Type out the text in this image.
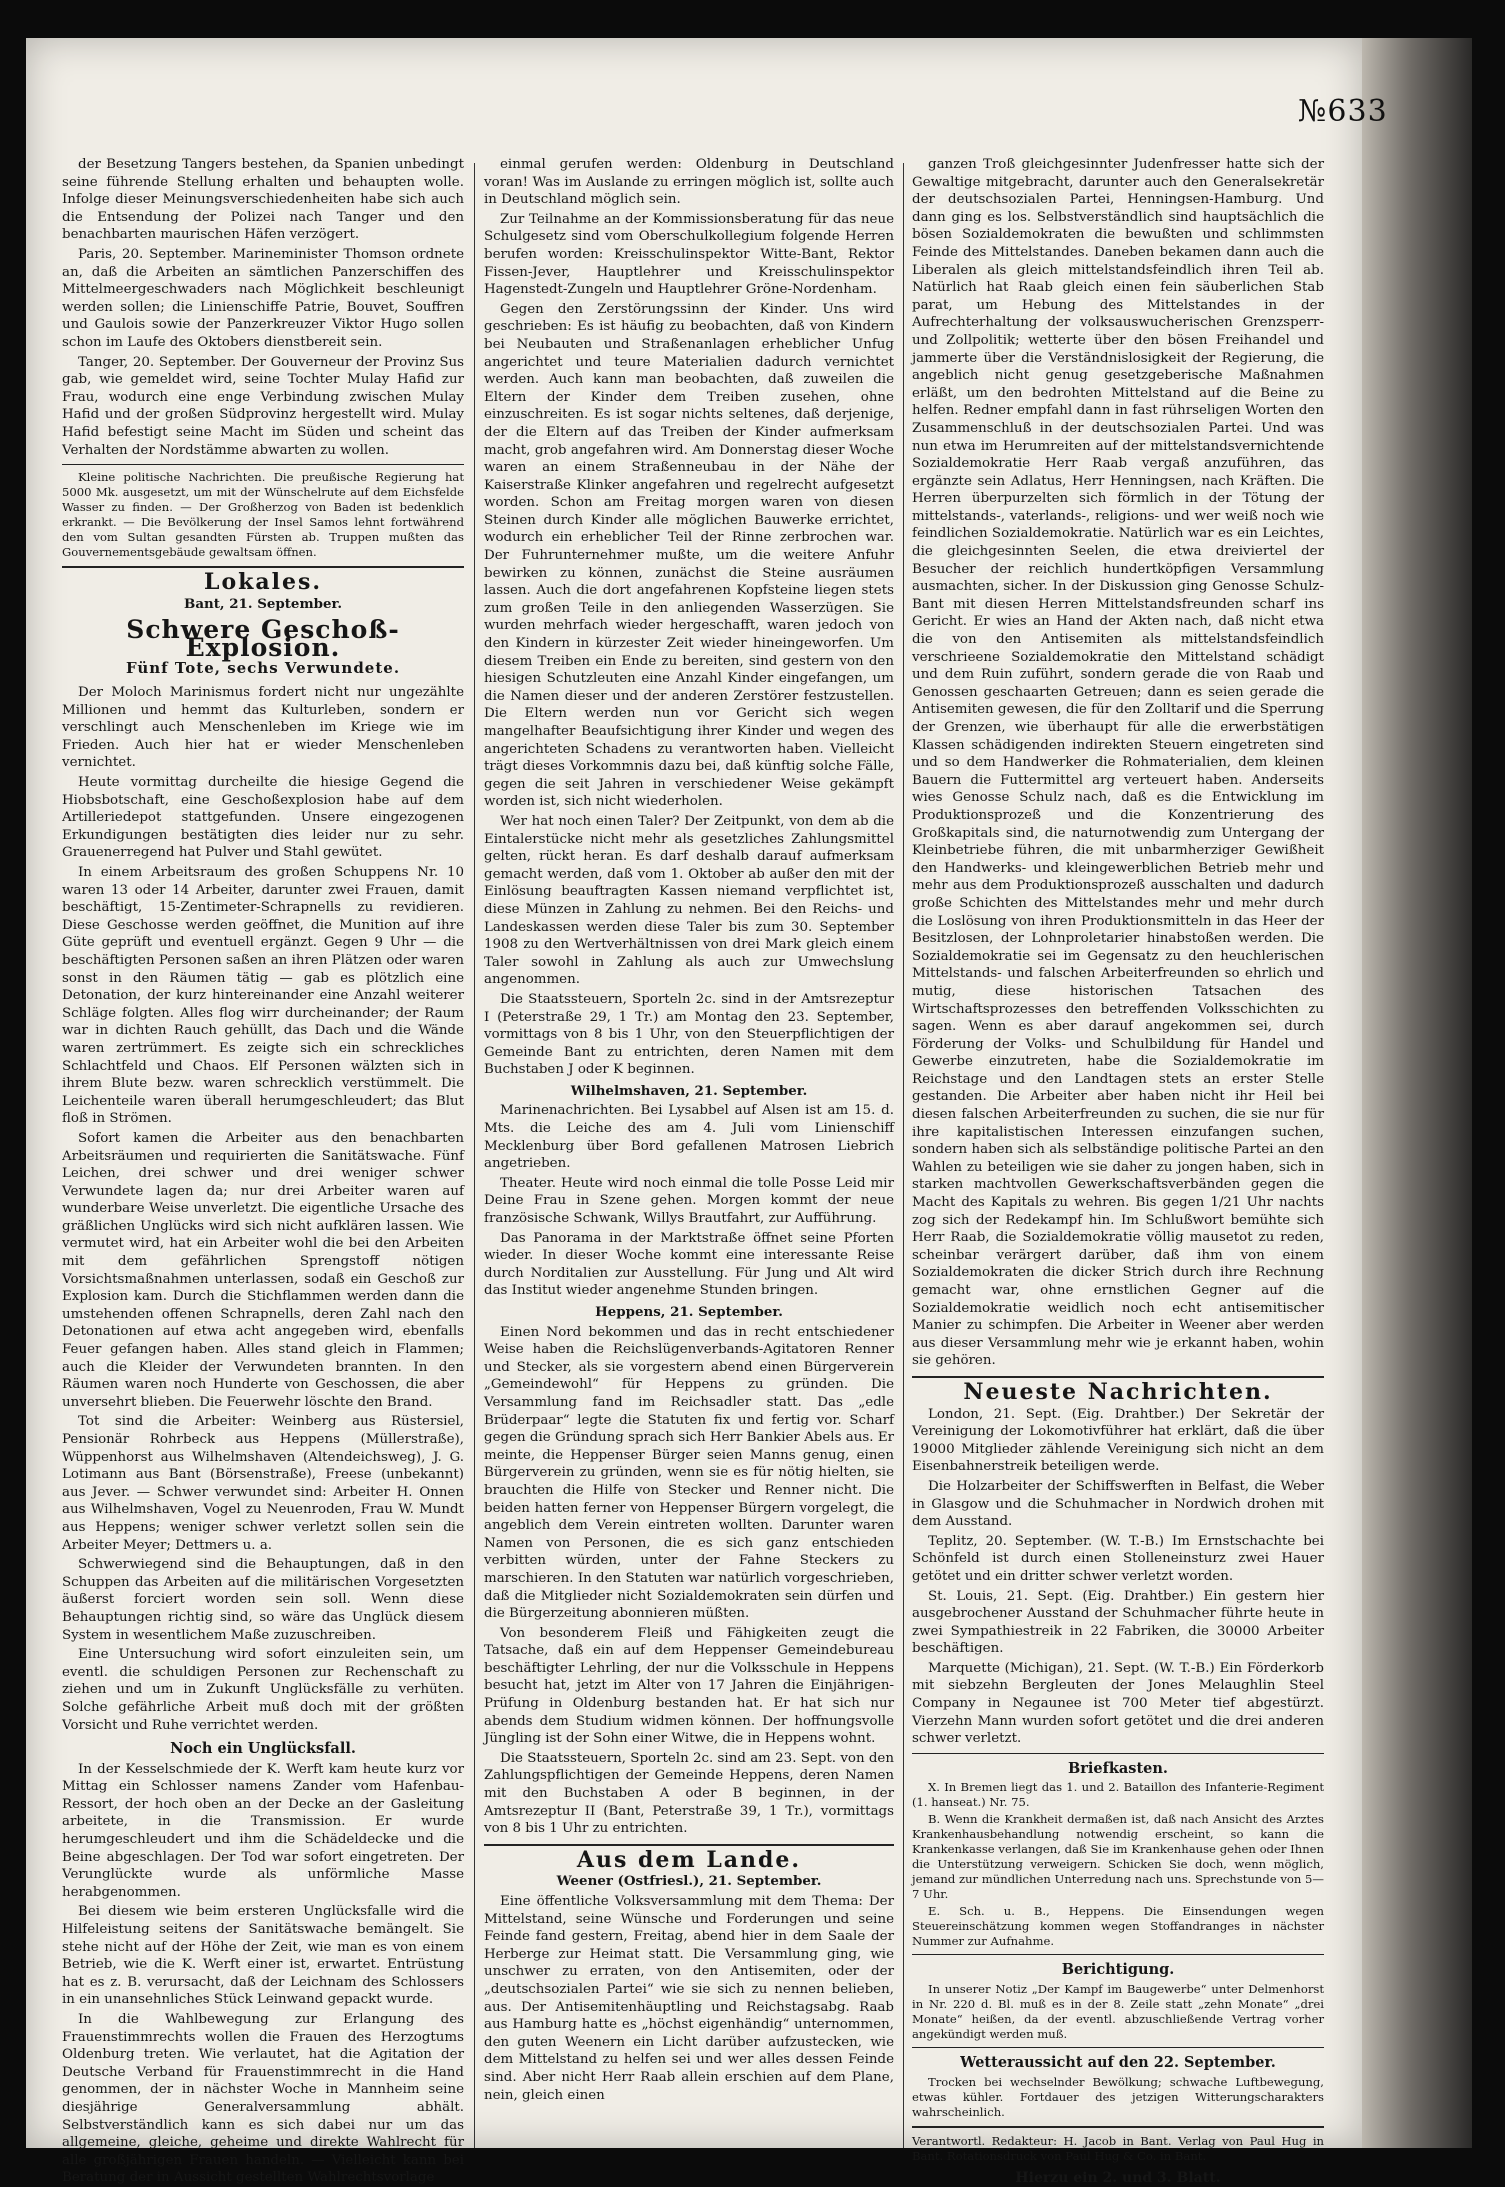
№633

der Besetzung Tangers bestehen, da Spanien unbedingt seine führende Stellung erhalten und behaupten wolle. Infolge dieser Meinungsverschiedenheiten habe sich auch die Entsendung der Polizei nach Tanger und den benachbarten maurischen Häfen verzögert.

Paris, 20. September. Marineminister Thomson ordnete an, daß die Arbeiten an sämtlichen Panzerschiffen des Mittelmeergeschwaders nach Möglichkeit beschleunigt werden sollen; die Linienschiffe Patrie, Bouvet, Souffren und Gaulois sowie der Panzerkreuzer Viktor Hugo sollen schon im Laufe des Oktobers dienstbereit sein.

Tanger, 20. September. Der Gouverneur der Provinz Sus gab, wie gemeldet wird, seine Tochter Mulay Hafid zur Frau, wodurch eine enge Verbindung zwischen Mulay Hafid und der großen Südprovinz hergestellt wird. Mulay Hafid befestigt seine Macht im Süden und scheint das Verhalten der Nordstämme abwarten zu wollen.

Kleine politische Nachrichten. Die preußische Regierung hat 5000 Mk. ausgesetzt, um mit der Wünschelrute auf dem Eichsfelde Wasser zu finden. — Der Großherzog von Baden ist bedenklich erkrankt. — Die Bevölkerung der Insel Samos lehnt fortwährend den vom Sultan gesandten Fürsten ab. Truppen mußten das Gouvernementsgebäude gewaltsam öffnen.

Lokales.
Bant, 21. September.
Schwere Geschoß-Explosion.
Fünf Tote, sechs Verwundete.

Der Moloch Marinismus fordert nicht nur ungezählte Millionen und hemmt das Kulturleben, sondern er verschlingt auch Menschenleben im Kriege wie im Frieden. Auch hier hat er wieder Menschenleben vernichtet.

Heute vormittag durcheilte die hiesige Gegend die Hiobsbotschaft, eine Geschoßexplosion habe auf dem Artilleriedepot stattgefunden. Unsere eingezogenen Erkundigungen bestätigten dies leider nur zu sehr. Grauenerregend hat Pulver und Stahl gewütet.

In einem Arbeitsraum des großen Schuppens Nr. 10 waren 13 oder 14 Arbeiter, darunter zwei Frauen, damit beschäftigt, 15-Zentimeter-Schrapnells zu revidieren. Diese Geschosse werden geöffnet, die Munition auf ihre Güte geprüft und eventuell ergänzt. Gegen 9 Uhr — die beschäftigten Personen saßen an ihren Plätzen oder waren sonst in den Räumen tätig — gab es plötzlich eine Detonation, der kurz hintereinander eine Anzahl weiterer Schläge folgten. Alles flog wirr durcheinander; der Raum war in dichten Rauch gehüllt, das Dach und die Wände waren zertrümmert. Es zeigte sich ein schreckliches Schlachtfeld und Chaos. Elf Personen wälzten sich in ihrem Blute bezw. waren schrecklich verstümmelt. Die Leichenteile waren überall herumgeschleudert; das Blut floß in Strömen.

Sofort kamen die Arbeiter aus den benachbarten Arbeitsräumen und requirierten die Sanitätswache. Fünf Leichen, drei schwer und drei weniger schwer Verwundete lagen da; nur drei Arbeiter waren auf wunderbare Weise unverletzt. Die eigentliche Ursache des gräßlichen Unglücks wird sich nicht aufklären lassen. Wie vermutet wird, hat ein Arbeiter wohl die bei den Arbeiten mit dem gefährlichen Sprengstoff nötigen Vorsichtsmaßnahmen unterlassen, sodaß ein Geschoß zur Explosion kam. Durch die Stichflammen werden dann die umstehenden offenen Schrapnells, deren Zahl nach den Detonationen auf etwa acht angegeben wird, ebenfalls Feuer gefangen haben. Alles stand gleich in Flammen; auch die Kleider der Verwundeten brannten. In den Räumen waren noch Hunderte von Geschossen, die aber unversehrt blieben. Die Feuerwehr löschte den Brand.

Tot sind die Arbeiter: Weinberg aus Rüstersiel, Pensionär Rohrbeck aus Heppens (Müllerstraße), Wüppenhorst aus Wilhelmshaven (Altendeichsweg), J. G. Lotimann aus Bant (Börsenstraße), Freese (unbekannt) aus Jever. — Schwer verwundet sind: Arbeiter H. Onnen aus Wilhelmshaven, Vogel zu Neuenroden, Frau W. Mundt aus Heppens; weniger schwer verletzt sollen sein die Arbeiter Meyer; Dettmers u. a.

Schwerwiegend sind die Behauptungen, daß in den Schuppen das Arbeiten auf die militärischen Vorgesetzten äußerst forciert worden sein soll. Wenn diese Behauptungen richtig sind, so wäre das Unglück diesem System in wesentlichem Maße zuzuschreiben.

Eine Untersuchung wird sofort einzuleiten sein, um eventl. die schuldigen Personen zur Rechenschaft zu ziehen und um in Zukunft Unglücksfälle zu verhüten. Solche gefährliche Arbeit muß doch mit der größten Vorsicht und Ruhe verrichtet werden.

Noch ein Unglücksfall.

In der Kesselschmiede der K. Werft kam heute kurz vor Mittag ein Schlosser namens Zander vom Hafenbau-Ressort, der hoch oben an der Decke an der Gasleitung arbeitete, in die Transmission. Er wurde herumgeschleudert und ihm die Schädeldecke und die Beine abgeschlagen. Der Tod war sofort eingetreten. Der Verunglückte wurde als unförmliche Masse herabgenommen.

Bei diesem wie beim ersteren Unglücksfalle wird die Hilfeleistung seitens der Sanitätswache bemängelt. Sie stehe nicht auf der Höhe der Zeit, wie man es von einem Betrieb, wie die K. Werft einer ist, erwartet. Entrüstung hat es z. B. verursacht, daß der Leichnam des Schlossers in ein unansehnliches Stück Leinwand gepackt wurde.

In die Wahlbewegung zur Erlangung des Frauenstimmrechts wollen die Frauen des Herzogtums Oldenburg treten. Wie verlautet, hat die Agitation der Deutsche Verband für Frauenstimmrecht in die Hand genommen, der in nächster Woche in Mannheim seine diesjährige Generalversammlung abhält. Selbstverständlich kann es sich dabei nur um das allgemeine, gleiche, geheime und direkte Wahlrecht für alle großjährigen Frauen handeln. — Vielleicht kann bei Beratung der in Aussicht gestellten Wahlrechtsvorlage

einmal gerufen werden: Oldenburg in Deutschland voran! Was im Auslande zu erringen möglich ist, sollte auch in Deutschland möglich sein.

Zur Teilnahme an der Kommissionsberatung für das neue Schulgesetz sind vom Oberschulkollegium folgende Herren berufen worden: Kreisschulinspektor Witte-Bant, Rektor Fissen-Jever, Hauptlehrer und Kreisschulinspektor Hagenstedt-Zungeln und Hauptlehrer Gröne-Nordenham.

Gegen den Zerstörungssinn der Kinder. Uns wird geschrieben: Es ist häufig zu beobachten, daß von Kindern bei Neubauten und Straßenanlagen erheblicher Unfug angerichtet und teure Materialien dadurch vernichtet werden. Auch kann man beobachten, daß zuweilen die Eltern der Kinder dem Treiben zusehen, ohne einzuschreiten. Es ist sogar nichts seltenes, daß derjenige, der die Eltern auf das Treiben der Kinder aufmerksam macht, grob angefahren wird. Am Donnerstag dieser Woche waren an einem Straßenneubau in der Nähe der Kaiserstraße Klinker angefahren und regelrecht aufgesetzt worden. Schon am Freitag morgen waren von diesen Steinen durch Kinder alle möglichen Bauwerke errichtet, wodurch ein erheblicher Teil der Rinne zerbrochen war. Der Fuhrunternehmer mußte, um die weitere Anfuhr bewirken zu können, zunächst die Steine ausräumen lassen. Auch die dort angefahrenen Kopfsteine liegen stets zum großen Teile in den anliegenden Wasserzügen. Sie wurden mehrfach wieder hergeschafft, waren jedoch von den Kindern in kürzester Zeit wieder hineingeworfen. Um diesem Treiben ein Ende zu bereiten, sind gestern von den hiesigen Schutzleuten eine Anzahl Kinder eingefangen, um die Namen dieser und der anderen Zerstörer festzustellen. Die Eltern werden nun vor Gericht sich wegen mangelhafter Beaufsichtigung ihrer Kinder und wegen des angerichteten Schadens zu verantworten haben. Vielleicht trägt dieses Vorkommnis dazu bei, daß künftig solche Fälle, gegen die seit Jahren in verschiedener Weise gekämpft worden ist, sich nicht wiederholen.

Wer hat noch einen Taler? Der Zeitpunkt, von dem ab die Eintalerstücke nicht mehr als gesetzliches Zahlungsmittel gelten, rückt heran. Es darf deshalb darauf aufmerksam gemacht werden, daß vom 1. Oktober ab außer den mit der Einlösung beauftragten Kassen niemand verpflichtet ist, diese Münzen in Zahlung zu nehmen. Bei den Reichs- und Landeskassen werden diese Taler bis zum 30. September 1908 zu den Wertverhältnissen von drei Mark gleich einem Taler sowohl in Zahlung als auch zur Umwechslung angenommen.

Die Staatssteuern, Sporteln 2c. sind in der Amtsrezeptur I (Peterstraße 29, 1 Tr.) am Montag den 23. September, vormittags von 8 bis 1 Uhr, von den Steuerpflichtigen der Gemeinde Bant zu entrichten, deren Namen mit dem Buchstaben J oder K beginnen.

Wilhelmshaven, 21. September.

Marinenachrichten. Bei Lysabbel auf Alsen ist am 15. d. Mts. die Leiche des am 4. Juli vom Linienschiff Mecklenburg über Bord gefallenen Matrosen Liebrich angetrieben.

Theater. Heute wird noch einmal die tolle Posse Leid mir Deine Frau in Szene gehen. Morgen kommt der neue französische Schwank, Willys Brautfahrt, zur Aufführung.

Das Panorama in der Marktstraße öffnet seine Pforten wieder. In dieser Woche kommt eine interessante Reise durch Norditalien zur Ausstellung. Für Jung und Alt wird das Institut wieder angenehme Stunden bringen.

Heppens, 21. September.

Einen Nord bekommen und das in recht entschiedener Weise haben die Reichslügenverbands-Agitatoren Renner und Stecker, als sie vorgestern abend einen Bürgerverein „Gemeindewohl“ für Heppens zu gründen. Die Versammlung fand im Reichsadler statt. Das „edle Brüderpaar“ legte die Statuten fix und fertig vor. Scharf gegen die Gründung sprach sich Herr Bankier Abels aus. Er meinte, die Heppenser Bürger seien Manns genug, einen Bürgerverein zu gründen, wenn sie es für nötig hielten, sie brauchten die Hilfe von Stecker und Renner nicht. Die beiden hatten ferner von Heppenser Bürgern vorgelegt, die angeblich dem Verein eintreten wollten. Darunter waren Namen von Personen, die es sich ganz entschieden verbitten würden, unter der Fahne Steckers zu marschieren. In den Statuten war natürlich vorgeschrieben, daß die Mitglieder nicht Sozialdemokraten sein dürfen und die Bürgerzeitung abonnieren müßten.

Von besonderem Fleiß und Fähigkeiten zeugt die Tatsache, daß ein auf dem Heppenser Gemeindebureau beschäftigter Lehrling, der nur die Volksschule in Heppens besucht hat, jetzt im Alter von 17 Jahren die Einjährigen-Prüfung in Oldenburg bestanden hat. Er hat sich nur abends dem Studium widmen können. Der hoffnungsvolle Jüngling ist der Sohn einer Witwe, die in Heppens wohnt.

Die Staatssteuern, Sporteln 2c. sind am 23. Sept. von den Zahlungspflichtigen der Gemeinde Heppens, deren Namen mit den Buchstaben A oder B beginnen, in der Amtsrezeptur II (Bant, Peterstraße 39, 1 Tr.), vormittags von 8 bis 1 Uhr zu entrichten.

Aus dem Lande.
Weener (Ostfriesl.), 21. September.

Eine öffentliche Volksversammlung mit dem Thema: Der Mittelstand, seine Wünsche und Forderungen und seine Feinde fand gestern, Freitag, abend hier in dem Saale der Herberge zur Heimat statt. Die Versammlung ging, wie unschwer zu erraten, von den Antisemiten, oder der „deutschsozialen Partei“ wie sie sich zu nennen belieben, aus. Der Antisemitenhäuptling und Reichstagsabg. Raab aus Hamburg hatte es „höchst eigenhändig“ unternommen, den guten Weenern ein Licht darüber aufzustecken, wie dem Mittelstand zu helfen sei und wer alles dessen Feinde sind. Aber nicht Herr Raab allein erschien auf dem Plane, nein, gleich einen

ganzen Troß gleichgesinnter Judenfresser hatte sich der Gewaltige mitgebracht, darunter auch den Generalsekretär der deutschsozialen Partei, Henningsen-Hamburg. Und dann ging es los. Selbstverständlich sind hauptsächlich die bösen Sozialdemokraten die bewußten und schlimmsten Feinde des Mittelstandes. Daneben bekamen dann auch die Liberalen als gleich mittelstandsfeindlich ihren Teil ab. Natürlich hat Raab gleich einen fein säuberlichen Stab parat, um Hebung des Mittelstandes in der Aufrechterhaltung der volksauswucherischen Grenzsperr- und Zollpolitik; wetterte über den bösen Freihandel und jammerte über die Verständnislosigkeit der Regierung, die angeblich nicht genug gesetzgeberische Maßnahmen erläßt, um den bedrohten Mittelstand auf die Beine zu helfen. Redner empfahl dann in fast rührseligen Worten den Zusammenschluß in der deutschsozialen Partei. Und was nun etwa im Herumreiten auf der mittelstandsvernichtende Sozialdemokratie Herr Raab vergaß anzuführen, das ergänzte sein Adlatus, Herr Henningsen, nach Kräften. Die Herren überpurzelten sich förmlich in der Tötung der mittelstands-, vaterlands-, religions- und wer weiß noch wie feindlichen Sozialdemokratie. Natürlich war es ein Leichtes, die gleichgesinnten Seelen, die etwa dreiviertel der Besucher der reichlich hundertköpfigen Versammlung ausmachten, sicher. In der Diskussion ging Genosse Schulz-Bant mit diesen Herren Mittelstandsfreunden scharf ins Gericht. Er wies an Hand der Akten nach, daß nicht etwa die von den Antisemiten als mittelstandsfeindlich verschrieene Sozialdemokratie den Mittelstand schädigt und dem Ruin zuführt, sondern gerade die von Raab und Genossen geschaarten Getreuen; dann es seien gerade die Antisemiten gewesen, die für den Zolltarif und die Sperrung der Grenzen, wie überhaupt für alle die erwerbstätigen Klassen schädigenden indirekten Steuern eingetreten sind und so dem Handwerker die Rohmaterialien, dem kleinen Bauern die Futtermittel arg verteuert haben. Anderseits wies Genosse Schulz nach, daß es die Entwicklung im Produktionsprozeß und die Konzentrierung des Großkapitals sind, die naturnotwendig zum Untergang der Kleinbetriebe führen, die mit unbarmherziger Gewißheit den Handwerks- und kleingewerblichen Betrieb mehr und mehr aus dem Produktionsprozeß ausschalten und dadurch große Schichten des Mittelstandes mehr und mehr durch die Loslösung von ihren Produktionsmitteln in das Heer der Besitzlosen, der Lohnproletarier hinabstoßen werden. Die Sozialdemokratie sei im Gegensatz zu den heuchlerischen Mittelstands- und falschen Arbeiterfreunden so ehrlich und mutig, diese historischen Tatsachen des Wirtschaftsprozesses den betreffenden Volksschichten zu sagen. Wenn es aber darauf angekommen sei, durch Förderung der Volks- und Schulbildung für Handel und Gewerbe einzutreten, habe die Sozialdemokratie im Reichstage und den Landtagen stets an erster Stelle gestanden. Die Arbeiter aber haben nicht ihr Heil bei diesen falschen Arbeiterfreunden zu suchen, die sie nur für ihre kapitalistischen Interessen einzufangen suchen, sondern haben sich als selbständige politische Partei an den Wahlen zu beteiligen wie sie daher zu jongen haben, sich in starken machtvollen Gewerkschaftsverbänden gegen die Macht des Kapitals zu wehren. Bis gegen 1/21 Uhr nachts zog sich der Redekampf hin. Im Schlußwort bemühte sich Herr Raab, die Sozialdemokratie völlig mausetot zu reden, scheinbar verärgert darüber, daß ihm von einem Sozialdemokraten die dicker Strich durch ihre Rechnung gemacht war, ohne ernstlichen Gegner auf die Sozialdemokratie weidlich noch echt antisemitischer Manier zu schimpfen. Die Arbeiter in Weener aber werden aus dieser Versammlung mehr wie je erkannt haben, wohin sie gehören.

Neueste Nachrichten.

London, 21. Sept. (Eig. Drahtber.) Der Sekretär der Vereinigung der Lokomotivführer hat erklärt, daß die über 19000 Mitglieder zählende Vereinigung sich nicht an dem Eisenbahnerstreik beteiligen werde.

Die Holzarbeiter der Schiffswerften in Belfast, die Weber in Glasgow und die Schuhmacher in Nordwich drohen mit dem Ausstand.

Teplitz, 20. September. (W. T.-B.) Im Ernstschachte bei Schönfeld ist durch einen Stolleneinsturz zwei Hauer getötet und ein dritter schwer verletzt worden.

St. Louis, 21. Sept. (Eig. Drahtber.) Ein gestern hier ausgebrochener Ausstand der Schuhmacher führte heute in zwei Sympathiestreik in 22 Fabriken, die 30000 Arbeiter beschäftigen.

Marquette (Michigan), 21. Sept. (W. T.-B.) Ein Förderkorb mit siebzehn Bergleuten der Jones Melaughlin Steel Company in Negaunee ist 700 Meter tief abgestürzt. Vierzehn Mann wurden sofort getötet und die drei anderen schwer verletzt.

Briefkasten.

X. In Bremen liegt das 1. und 2. Bataillon des Infanterie-Regiment (1. hanseat.) Nr. 75.

B. Wenn die Krankheit dermaßen ist, daß nach Ansicht des Arztes Krankenhausbehandlung notwendig erscheint, so kann die Krankenkasse verlangen, daß Sie im Krankenhause gehen oder Ihnen die Unterstützung verweigern. Schicken Sie doch, wenn möglich, jemand zur mündlichen Unterredung nach uns. Sprechstunde von 5—7 Uhr.

E. Sch. u. B., Heppens. Die Einsendungen wegen Steuereinschätzung kommen wegen Stoffandranges in nächster Nummer zur Aufnahme.

Berichtigung.

In unserer Notiz „Der Kampf im Baugewerbe“ unter Delmenhorst in Nr. 220 d. Bl. muß es in der 8. Zeile statt „zehn Monate“ „drei Monate“ heißen, da der eventl. abzuschließende Vertrag vorher angekündigt werden muß.

Wetteraussicht auf den 22. September.

Trocken bei wechselnder Bewölkung; schwache Luftbewegung, etwas kühler. Fortdauer des jetzigen Witterungscharakters wahrscheinlich.

Verantwortl. Redakteur: H. Jacob in Bant. Verlag von Paul Hug in Bant. Rotationsdruck von Paul Hug & Co. in Bant.

Hierzu ein 2. und 3. Blatt.
